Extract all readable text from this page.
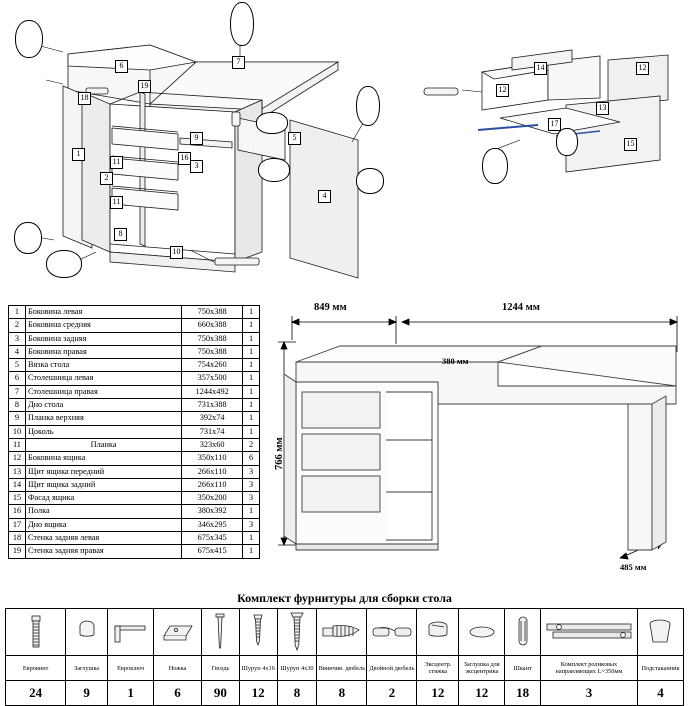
1
2
3
4
5
6	7
8
9
10
11
11
12
12
13
14
15
16
17
18
19
1	Боковина левая	750x388	1
2	Боковина средняя	660x388	1
3	Боковина задняя	750x388	1
4	Боковина правая	750x388	1
5	Вязка стола	754x260	1
6	Столешница левая	357x500	1
7	Столешница правая	1244x492	1
8	Дно стола	731x388	1
9	Планка верхняя	392x74	1
10	Цоколь	731x74	1
11	Планка	323x60	2
12	Боковина ящика	350x110	6
13	Щит ящика передний	266x110	3
14	Щит ящика задний	266x110	3
15	Фасад ящика	350x200	3
16	Полка	380x392	1
17	Дно ящика	346x295	3
18	Стенка задняя левая	675x345	1
19	Стенка задняя правая	675x415	1
849 мм	1244 мм
766 мм
380 мм
485 мм
Комплект фурнитуры для сборки стола

Евровинт	Заглушка	Евроключ	Ножка	Гвоздь	Шуруп 4х16	Шуруп 4х30	Ввинчив. дюбель	Двойной дюбель	Эксцентр. стяжка	Заглушка для эксцентрика	Шкант	Комплект роликовых направляющих L=350мм	Подстаканник
24	9	1	6	90	12	8	8	2	12	12	18	3	4
